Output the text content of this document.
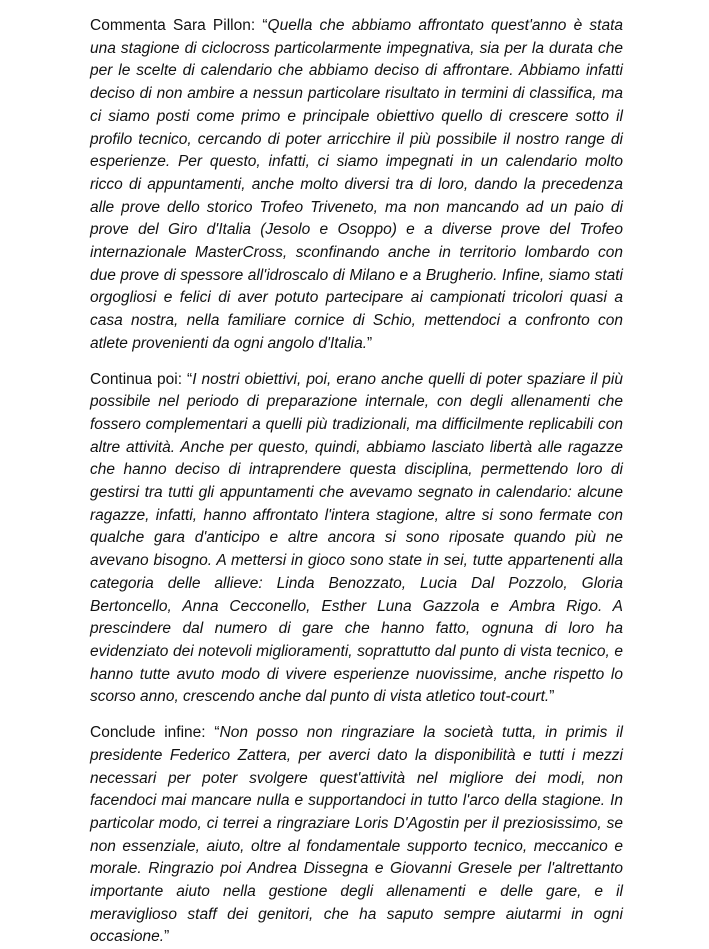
Commenta Sara Pillon: “Quella che abbiamo affrontato quest'anno è stata una stagione di ciclocross particolarmente impegnativa, sia per la durata che per le scelte di calendario che abbiamo deciso di affrontare. Abbiamo infatti deciso di non ambire a nessun particolare risultato in termini di classifica, ma ci siamo posti come primo e principale obiettivo quello di crescere sotto il profilo tecnico, cercando di poter arricchire il più possibile il nostro range di esperienze. Per questo, infatti, ci siamo impegnati in un calendario molto ricco di appuntamenti, anche molto diversi tra di loro, dando la precedenza alle prove dello storico Trofeo Triveneto, ma non mancando ad un paio di prove del Giro d'Italia (Jesolo e Osoppo) e a diverse prove del Trofeo internazionale MasterCross, sconfinando anche in territorio lombardo con due prove di spessore all'idroscalo di Milano e a Brugherio. Infine, siamo stati orgogliosi e felici di aver potuto partecipare ai campionati tricolori quasi a casa nostra, nella familiare cornice di Schio, mettendoci a confronto con atlete provenienti da ogni angolo d'Italia.”

Continua poi: “I nostri obiettivi, poi, erano anche quelli di poter spaziare il più possibile nel periodo di preparazione internale, con degli allenamenti che fossero complementari a quelli più tradizionali, ma difficilmente replicabili con altre attività. Anche per questo, quindi, abbiamo lasciato libertà alle ragazze che hanno deciso di intraprendere questa disciplina, permettendo loro di gestirsi tra tutti gli appuntamenti che avevamo segnato in calendario: alcune ragazze, infatti, hanno affrontato l'intera stagione, altre si sono fermate con qualche gara d'anticipo e altre ancora si sono riposate quando più ne avevano bisogno. A mettersi in gioco sono state in sei, tutte appartenenti alla categoria delle allieve: Linda Benozzato, Lucia Dal Pozzolo, Gloria Bertoncello, Anna Cecconello, Esther Luna Gazzola e Ambra Rigo. A prescindere dal numero di gare che hanno fatto, ognuna di loro ha evidenziato dei notevoli miglioramenti, soprattutto dal punto di vista tecnico, e hanno tutte avuto modo di vivere esperienze nuovissime, anche rispetto lo scorso anno, crescendo anche dal punto di vista atletico tout-court.”

Conclude infine: “Non posso non ringraziare la società tutta, in primis il presidente Federico Zattera, per averci dato la disponibilità e tutti i mezzi necessari per poter svolgere quest'attività nel migliore dei modi, non facendoci mai mancare nulla e supportandoci in tutto l'arco della stagione. In particolar modo, ci terrei a ringraziare Loris D'Agostin per il preziosissimo, se non essenziale, aiuto, oltre al fondamentale supporto tecnico, meccanico e morale. Ringrazio poi Andrea Dissegna e Giovanni Gresele per l'altrettanto importante aiuto nella gestione degli allenamenti e delle gare, e il meraviglioso staff dei genitori, che ha saputo sempre aiutarmi in ogni occasione.”
